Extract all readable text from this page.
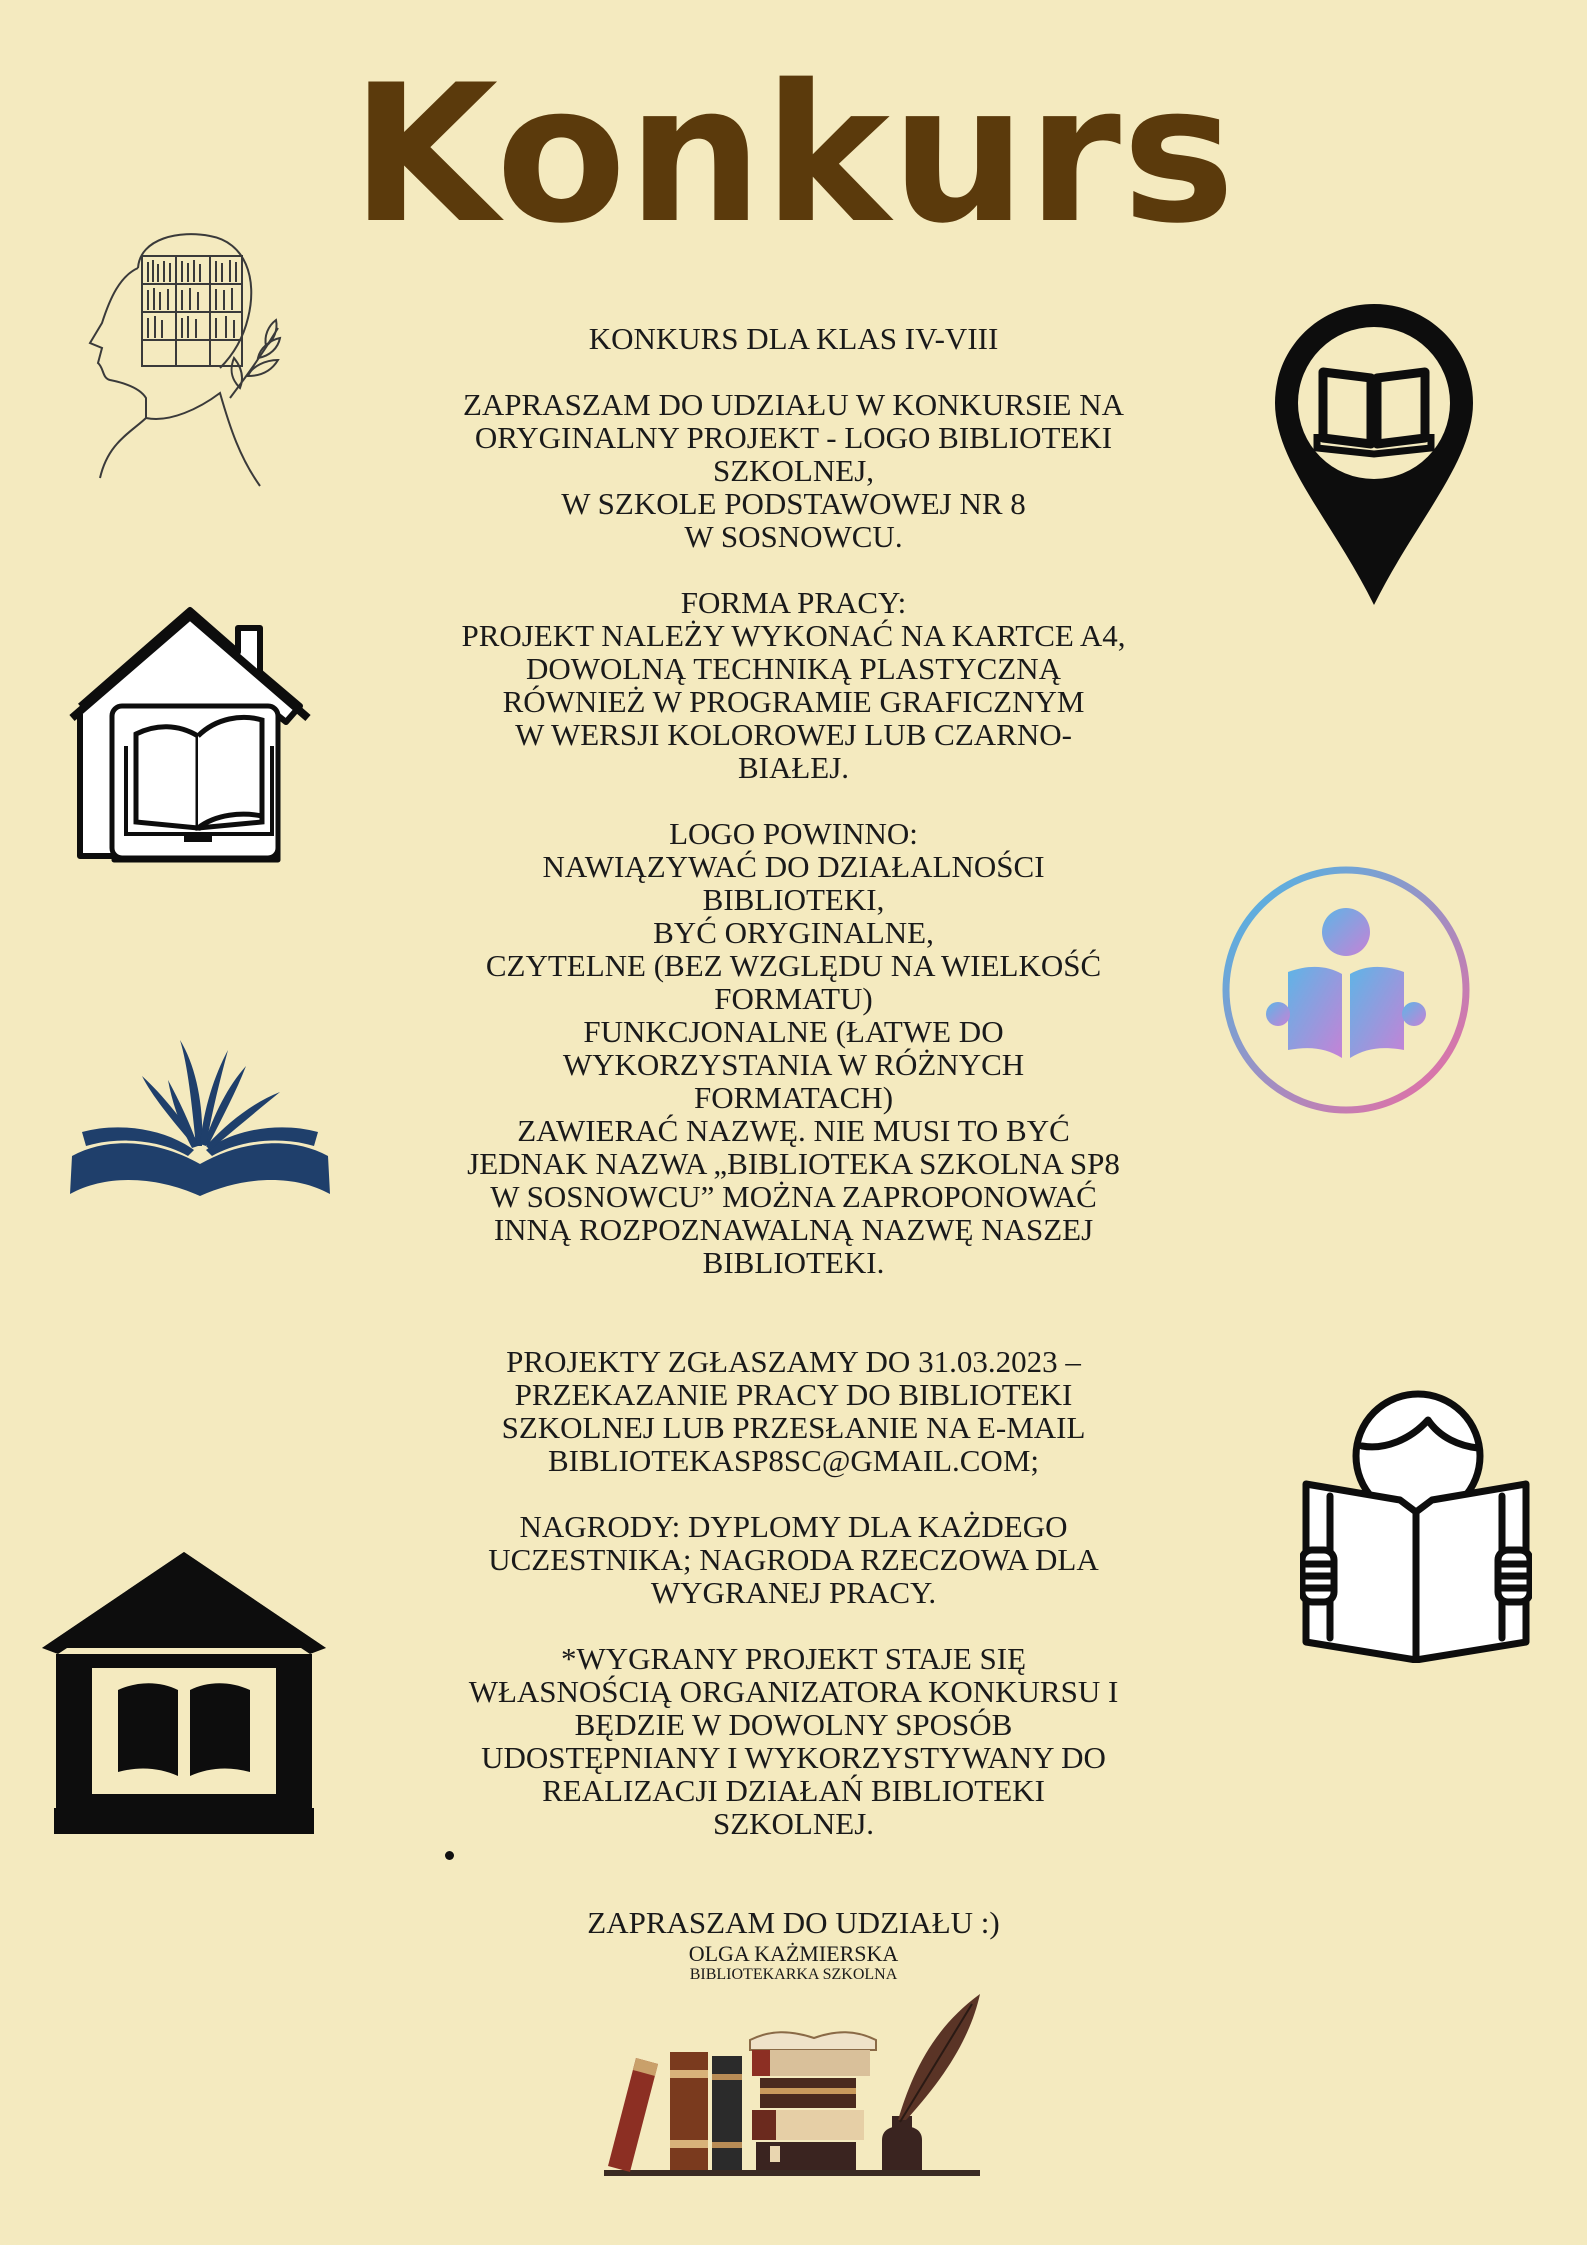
Konkurs
KONKURS DLA KLAS IV-VIII
ZAPRASZAM DO UDZIAŁU W KONKURSIE NA
ORYGINALNY PROJEKT - LOGO BIBLIOTEKI
SZKOLNEJ,
W SZKOLE PODSTAWOWEJ NR 8
W SOSNOWCU.
FORMA PRACY:
PROJEKT NALEŻY WYKONAĆ NA KARTCE A4,
DOWOLNĄ TECHNIKĄ PLASTYCZNĄ
RÓWNIEŻ W PROGRAMIE GRAFICZNYM
W WERSJI KOLOROWEJ LUB CZARNO-
BIAŁEJ.
LOGO POWINNO:
NAWIĄZYWAĆ DO DZIAŁALNOŚCI
BIBLIOTEKI,
BYĆ ORYGINALNE,
CZYTELNE (BEZ WZGLĘDU NA WIELKOŚĆ
FORMATU)
FUNKCJONALNE (ŁATWE DO
WYKORZYSTANIA W RÓŻNYCH
FORMATACH)
ZAWIERAĆ NAZWĘ. NIE MUSI TO BYĆ
JEDNAK NAZWA „BIBLIOTEKA SZKOLNA SP8
W SOSNOWCU” MOŻNA ZAPROPONOWAĆ
INNĄ ROZPOZNAWALNĄ NAZWĘ NASZEJ
BIBLIOTEKI.
PROJEKTY ZGŁASZAMY DO 31.03.2023 –
PRZEKAZANIE PRACY DO BIBLIOTEKI
SZKOLNEJ LUB PRZESŁANIE NA E-MAIL
BIBLIOTEKASP8SC@GMAIL.COM;
NAGRODY: DYPLOMY DLA KAŻDEGO
UCZESTNIKA; NAGRODA RZECZOWA DLA
WYGRANEJ PRACY.
*WYGRANY PROJEKT STAJE SIĘ
WŁASNOŚCIĄ ORGANIZATORA KONKURSU I
BĘDZIE W DOWOLNY SPOSÓB
UDOSTĘPNIANY I WYKORZYSTYWANY DO
REALIZACJI DZIAŁAŃ BIBLIOTEKI
SZKOLNEJ.
ZAPRASZAM DO UDZIAŁU :)
OLGA KAŻMIERSKA
BIBLIOTEKARKA SZKOLNA
